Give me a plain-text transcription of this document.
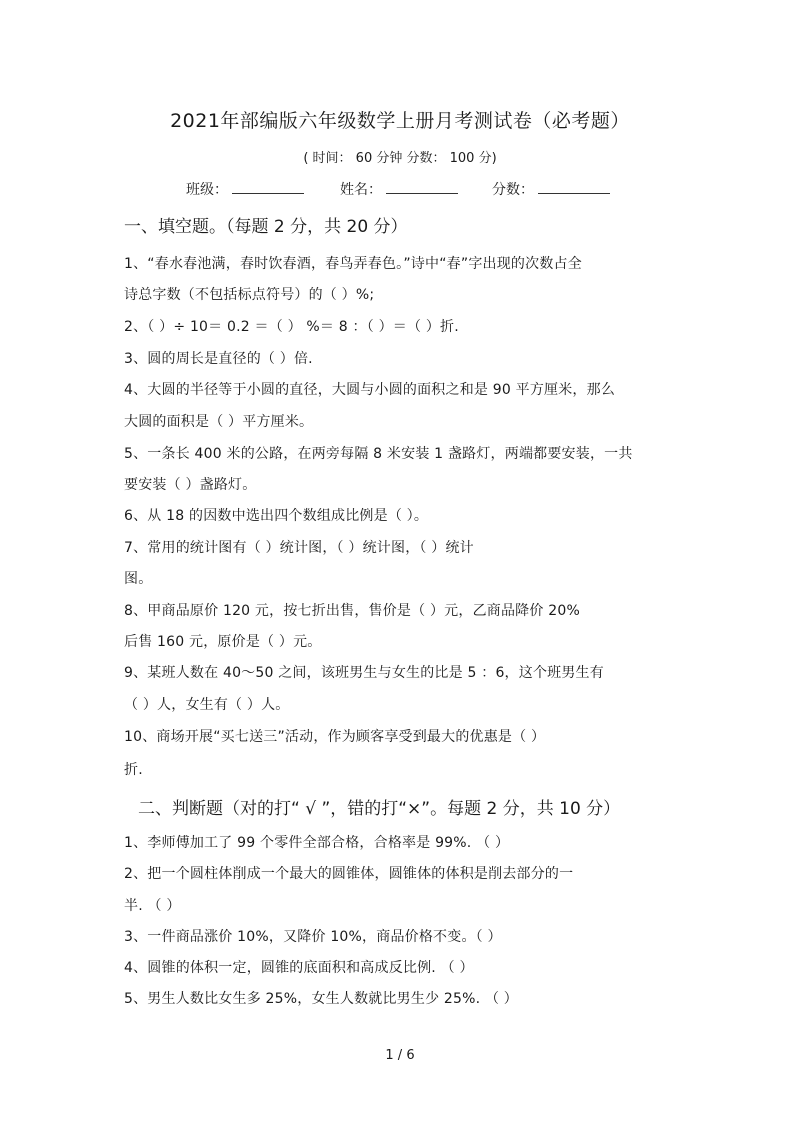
2021年部编版六年级数学上册月考测试卷（必考题）
( 时间： 60 分钟 分数： 100 分)
班级：	姓名：	分数：
一、填空题。（每题 2 分，共 20 分）
1、“春水春池满，春时饮春酒，春鸟弄春色。”诗中“春”字出现的次数占全
诗总字数（不包括标点符号）的（ ）%;
2、（ ）÷ 10＝ 0.2 ＝（ ） %＝ 8 ：（ ）＝（ ）折.
3、圆的周长是直径的（ ）倍.
4、大圆的半径等于小圆的直径，大圆与小圆的面积之和是 90 平方厘米，那么
大圆的面积是（ ）平方厘米。
5、一条长 400 米的公路，在两旁每隔 8 米安装 1 盏路灯，两端都要安装，一共
要安装（ ）盏路灯。
6、从 18 的因数中选出四个数组成比例是（ ）。
7、常用的统计图有（ ）统计图，（ ）统计图，（ ）统计
图。
8、甲商品原价 120 元，按七折出售，售价是（ ）元，乙商品降价 20%
后售 160 元，原价是（ ）元。
9、某班人数在 40～50 之间，该班男生与女生的比是 5 ：6，这个班男生有
（ ）人，女生有（ ）人。
10、商场开展“买七送三”活动，作为顾客享受到最大的优惠是（ ）
折.
二、判断题（对的打“ √ ”，错的打“×”。每题 2 分，共 10 分）
1、李师傅加工了 99 个零件全部合格，合格率是 99%. （ ）
2、把一个圆柱体削成一个最大的圆锥体，圆锥体的体积是削去部分的一
半. （ ）
3、一件商品涨价 10%，又降价 10%，商品价格不变。（ ）
4、圆锥的体积一定，圆锥的底面积和高成反比例. （ ）
5、男生人数比女生多 25%，女生人数就比男生少 25%. （ ）
1 / 6
